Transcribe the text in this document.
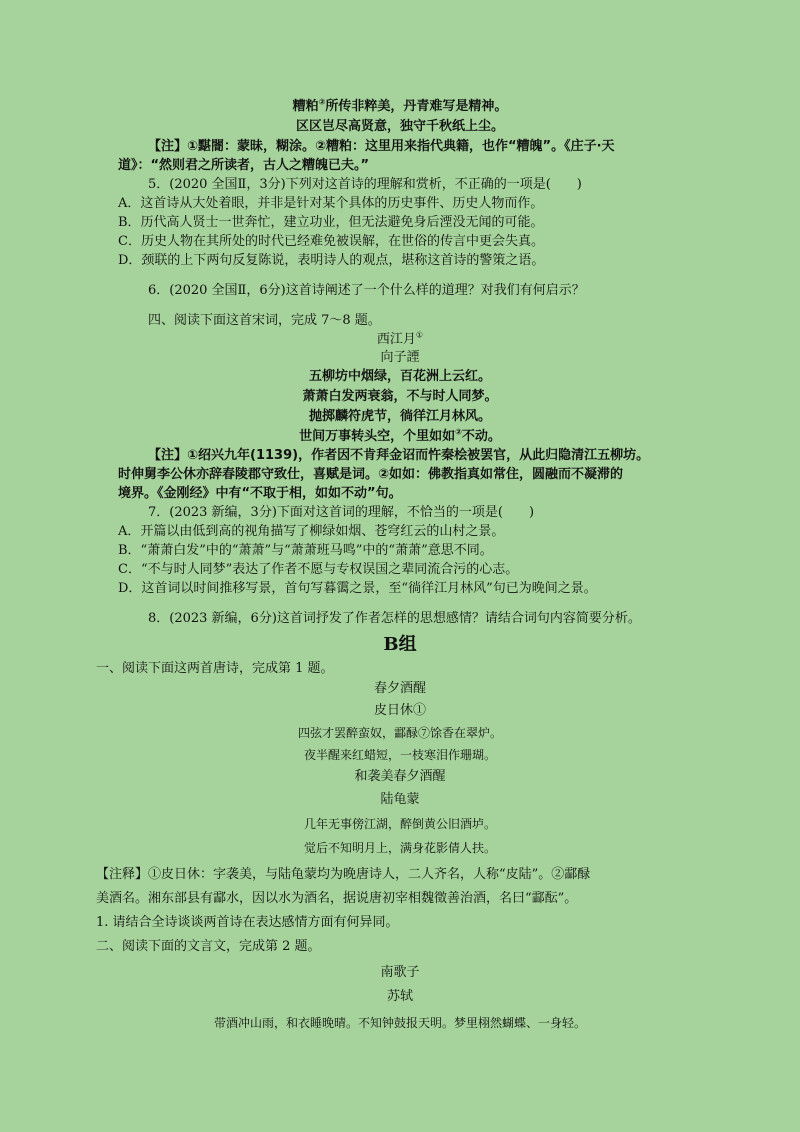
糟粕②所传非粹美，丹青难写是精神。
区区岂尽高贤意，独守千秋纸上尘。
【注】①黮闇：蒙昧，糊涂。②糟粕：这里用来指代典籍，也作“糟魄”。《庄子·天
道》：“然则君之所读者，古人之糟魄已夫。”
5．(2020 全国Ⅱ，3分)下列对这首诗的理解和赏析，不正确的一项是(　　)
A．这首诗从大处着眼，并非是针对某个具体的历史事件、历史人物而作。
B．历代高人贤士一世奔忙，建立功业，但无法避免身后湮没无闻的可能。
C．历史人物在其所处的时代已经难免被误解，在世俗的传言中更会失真。
D．颈联的上下两句反复陈说，表明诗人的观点，堪称这首诗的警策之语。
6．(2020 全国Ⅱ，6分)这首诗阐述了一个什么样的道理？对我们有何启示？
四、阅读下面这首宋词，完成 7～8 题。
西江月①
向子諲
五柳坊中烟绿，百花洲上云红。
萧萧白发两衰翁，不与时人同梦。
抛掷麟符虎节，徜徉江月林风。
世间万事转头空，个里如如②不动。
【注】①绍兴九年(1139)，作者因不肯拜金诏而忤秦桧被罢官，从此归隐清江五柳坊。
时伸舅李公休亦辞春陵郡守致仕，喜赋是词。②如如：佛教指真如常住，圆融而不凝滞的
境界。《金刚经》中有“不取于相，如如不动”句。
7．(2023 新编，3分)下面对这首词的理解，不恰当的一项是(　　)
A．开篇以由低到高的视角描写了柳绿如烟、苍穹红云的山村之景。
B．“萧萧白发”中的“萧萧”与“萧萧班马鸣”中的“萧萧”意思不同。
C．“不与时人同梦”表达了作者不愿与专权误国之辈同流合污的心志。
D．这首词以时间推移写景，首句写暮霭之景，至“徜徉江月林风”句已为晚间之景。
8．(2023 新编，6分)这首词抒发了作者怎样的思想感情？请结合词句内容简要分析。
B组
一、阅读下面这两首唐诗，完成第 1 题。
春夕酒醒
皮日休①
四弦才罢醉蛮奴，酃醁⑦馀香在翠炉。
夜半醒来红蜡短，一枝寒泪作珊瑚。
和袭美春夕酒醒
陆龟蒙
几年无事傍江湖，醉倒黄公旧酒垆。
觉后不知明月上，满身花影倩人扶。
【注释】①皮日休：字袭美，与陆龟蒙均为晚唐诗人，二人齐名，人称“皮陆”。②酃醁
美酒名。湘东部县有酃水，因以水为酒名，据说唐初宰相魏徵善治酒，名曰“酃酝”。
1. 请结合全诗谈谈两首诗在表达感情方面有何异同。
二、阅读下面的文言文，完成第 2 题。
南歌子
苏轼
带酒冲山雨，和衣睡晚晴。不知钟鼓报天明。梦里栩然蝴蝶、一身轻。
